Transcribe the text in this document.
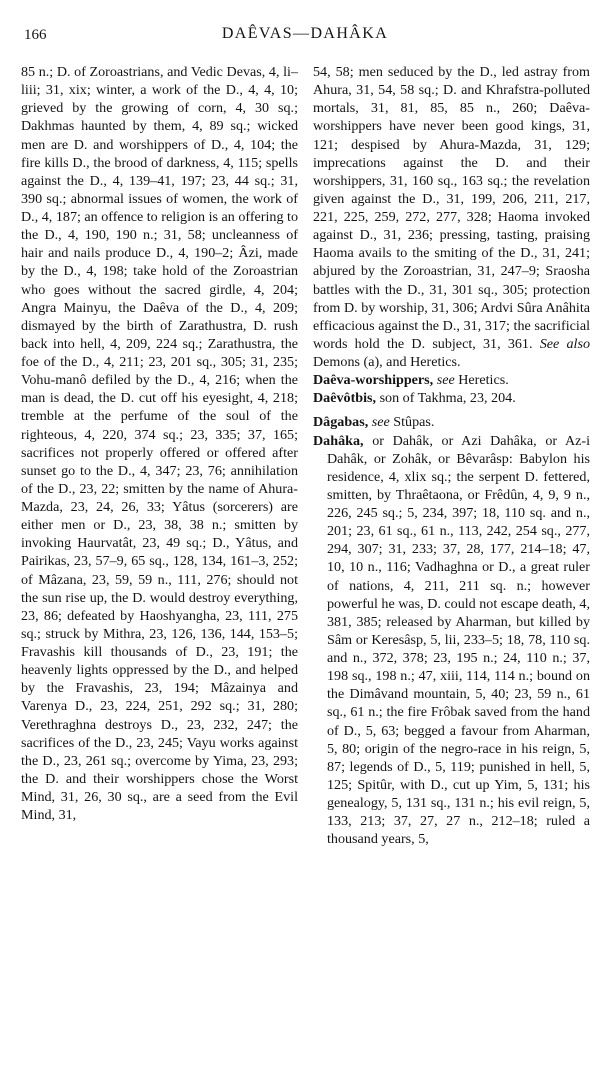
166	DAÊVAS—DAHÂKA

85 n.; D. of Zoroastrians, and Vedic Devas, 4, li–liii; 31, xix; winter, a work of the D., 4, 4, 10; grieved by the growing of corn, 4, 30 sq.; Dakhmas haunted by them, 4, 89 sq.; wicked men are D. and worshippers of D., 4, 104; the fire kills D., the brood of darkness, 4, 115; spells against the D., 4, 139–41, 197; 23, 44 sq.; 31, 390 sq.; abnormal issues of women, the work of D., 4, 187; an offence to religion is an offering to the D., 4, 190, 190 n.; 31, 58; uncleanness of hair and nails produce D., 4, 190–2; Âzi, made by the D., 4, 198; take hold of the Zoroastrian who goes without the sacred girdle, 4, 204; Angra Mainyu, the Daêva of the D., 4, 209; dismayed by the birth of Zarathustra, D. rush back into hell, 4, 209, 224 sq.; Zarathustra, the foe of the D., 4, 211; 23, 201 sq., 305; 31, 235; Vohu-manô defiled by the D., 4, 216; when the man is dead, the D. cut off his eyesight, 4, 218; tremble at the perfume of the soul of the righteous, 4, 220, 374 sq.; 23, 335; 37, 165; sacrifices not properly offered or offered after sunset go to the D., 4, 347; 23, 76; annihilation of the D., 23, 22; smitten by the name of Ahura-Mazda, 23, 24, 26, 33; Yâtus (sorcerers) are either men or D., 23, 38, 38 n.; smitten by invoking Haurvatât, 23, 49 sq.; D., Yâtus, and Pairikas, 23, 57–9, 65 sq., 128, 134, 161–3, 252; of Mâzana, 23, 59, 59 n., 111, 276; should not the sun rise up, the D. would destroy everything, 23, 86; defeated by Haoshyangha, 23, 111, 275 sq.; struck by Mithra, 23, 126, 136, 144, 153–5; Fravashis kill thousands of D., 23, 191; the heavenly lights oppressed by the D., and helped by the Fravashis, 23, 194; Mâzainya and Varenya D., 23, 224, 251, 292 sq.; 31, 280; Verethraghna destroys D., 23, 232, 247; the sacrifices of the D., 23, 245; Vayu works against the D., 23, 261 sq.; overcome by Yima, 23, 293; the D. and their worshippers chose the Worst Mind, 31, 26, 30 sq., are a seed from the Evil Mind, 31,

54, 58; men seduced by the D., led astray from Ahura, 31, 54, 58 sq.; D. and Khrafstra-polluted mortals, 31, 81, 85, 85 n., 260; Daêva-worshippers have never been good kings, 31, 121; despised by Ahura-Mazda, 31, 129; imprecations against the D. and their worshippers, 31, 160 sq., 163 sq.; the revelation given against the D., 31, 199, 206, 211, 217, 221, 225, 259, 272, 277, 328; Haoma invoked against D., 31, 236; pressing, tasting, praising Haoma avails to the smiting of the D., 31, 241; abjured by the Zoroastrian, 31, 247–9; Sraosha battles with the D., 31, 301 sq., 305; protection from D. by worship, 31, 306; Ardvi Sûra Anâhita efficacious against the D., 31, 317; the sacrificial words hold the D. subject, 31, 361. See also Demons (a), and Heretics.

Daêva-worshippers, see Heretics.

Daêvôtbis, son of Takhma, 23, 204.

Dâgabas, see Stûpas.

Dahâka, or Dahâk, or Azi Dahâka, or Az-i Dahâk, or Zohâk, or Bêvarâsp: Babylon his residence, 4, xlix sq.; the serpent D. fettered, smitten, by Thraêtaona, or Frêdûn, 4, 9, 9 n., 226, 245 sq.; 5, 234, 397; 18, 110 sq. and n., 201; 23, 61 sq., 61 n., 113, 242, 254 sq., 277, 294, 307; 31, 233; 37, 28, 177, 214–18; 47, 10, 10 n., 116; Vadhaghna or D., a great ruler of nations, 4, 211, 211 sq. n.; however powerful he was, D. could not escape death, 4, 381, 385; released by Aharman, but killed by Sâm or Keresâsp, 5, lii, 233–5; 18, 78, 110 sq. and n., 372, 378; 23, 195 n.; 24, 110 n.; 37, 198 sq., 198 n.; 47, xiii, 114, 114 n.; bound on the Dimâvand mountain, 5, 40; 23, 59 n., 61 sq., 61 n.; the fire Frôbak saved from the hand of D., 5, 63; begged a favour from Aharman, 5, 80; origin of the negro-race in his reign, 5, 87; legends of D., 5, 119; punished in hell, 5, 125; Spitûr, with D., cut up Yim, 5, 131; his genealogy, 5, 131 sq., 131 n.; his evil reign, 5, 133, 213; 37, 27, 27 n., 212–18; ruled a thousand years, 5,
